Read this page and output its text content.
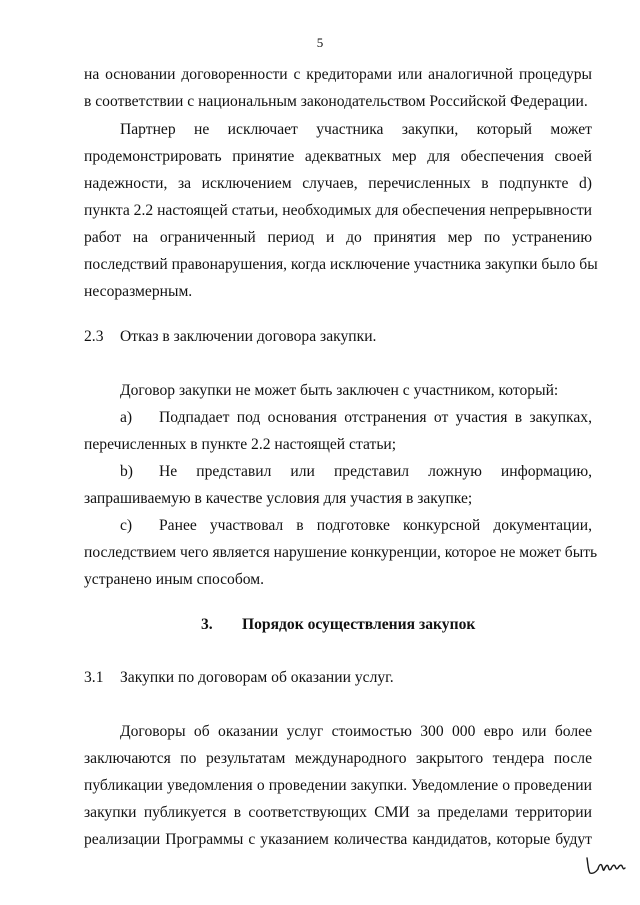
5
на основании договоренности с кредиторами или аналогичной процедуры
в соответствии с национальным законодательством Российской Федерации.
Партнер не исключает участника закупки, который может
продемонстрировать принятие адекватных мер для обеспечения своей
надежности, за исключением случаев, перечисленных в подпункте d)
пункта 2.2 настоящей статьи, необходимых для обеспечения непрерывности
работ на ограниченный период и до принятия мер по устранению
последствий правонарушения, когда исключение участника закупки было бы
несоразмерным.
2.3 Отказ в заключении договора закупки.
Договор закупки не может быть заключен с участником, который:
a) Подпадает под основания отстранения от участия в закупках,
перечисленных в пункте 2.2 настоящей статьи;
b) Не представил или представил ложную информацию,
запрашиваемую в качестве условия для участия в закупке;
c) Ранее участвовал в подготовке конкурсной документации,
последствием чего является нарушение конкуренции, которое не может быть
устранено иным способом.
3. Порядок осуществления закупок
3.1 Закупки по договорам об оказании услуг.
Договоры об оказании услуг стоимостью 300 000 евро или более
заключаются по результатам международного закрытого тендера после
публикации уведомления о проведении закупки. Уведомление о проведении
закупки публикуется в соответствующих СМИ за пределами территории
реализации Программы с указанием количества кандидатов, которые будут
